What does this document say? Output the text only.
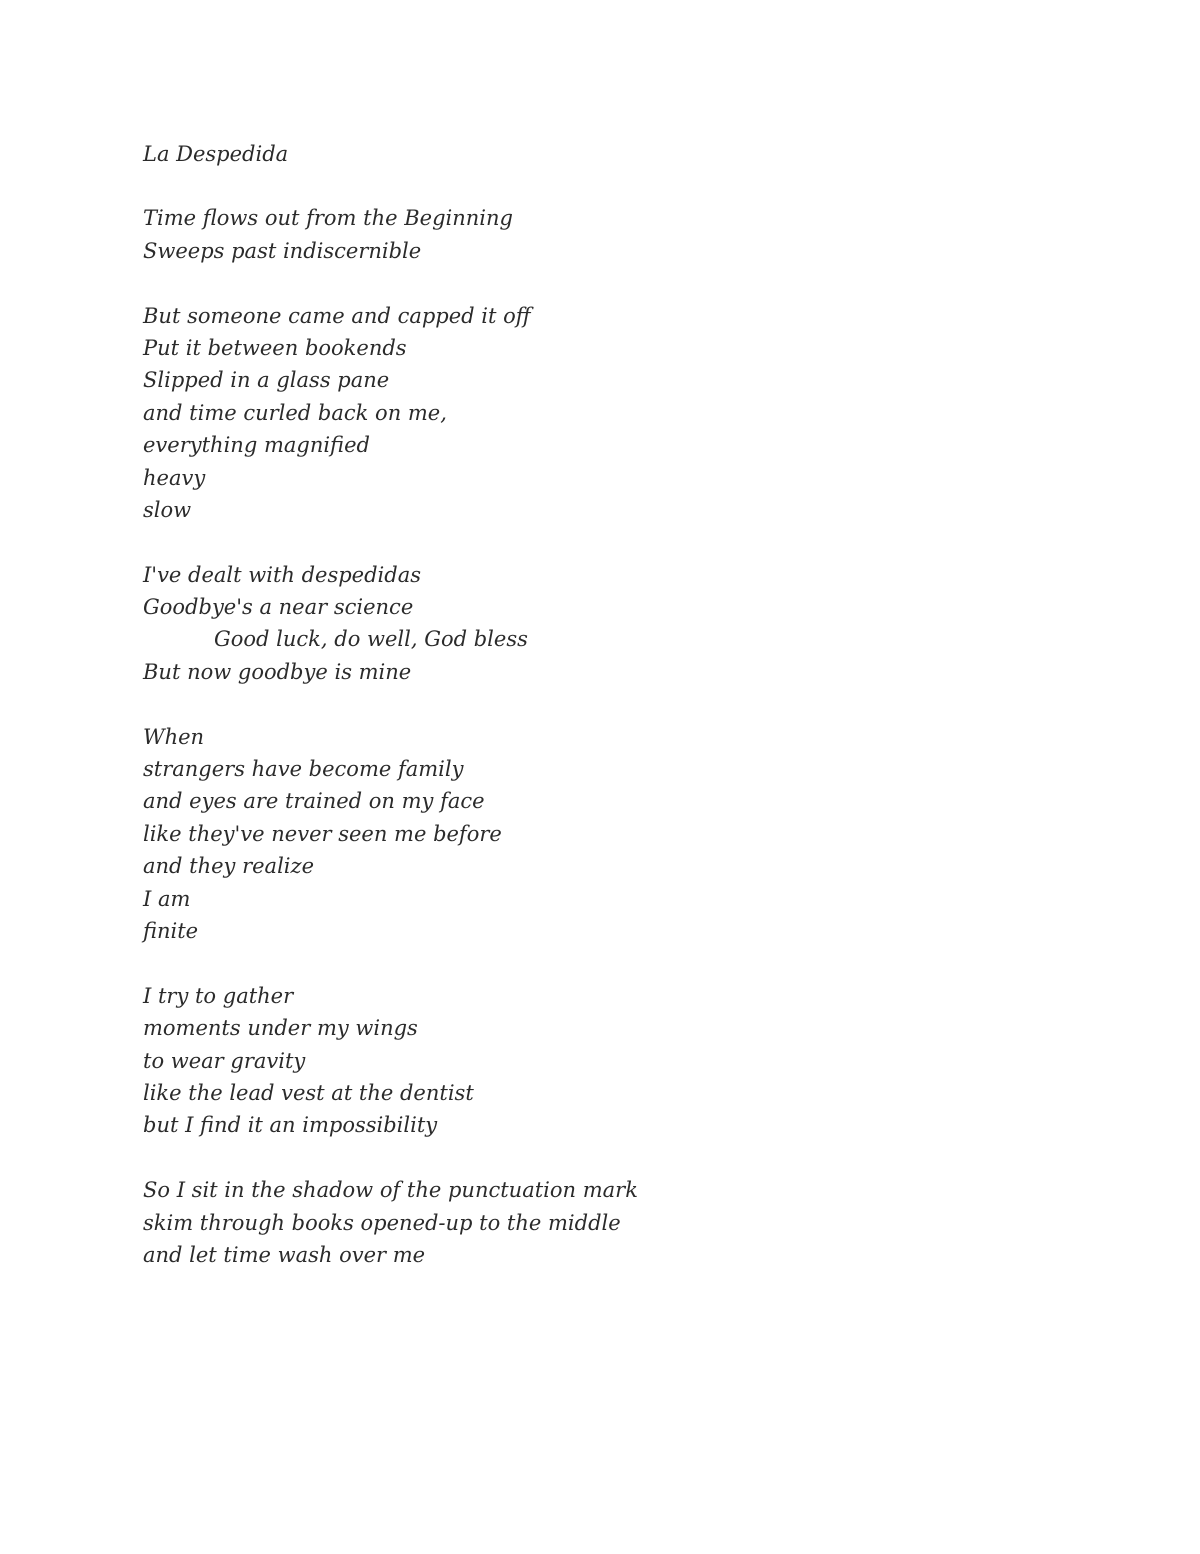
La Despedida
Time flows out from the Beginning
Sweeps past indiscernible
But someone came and capped it off
Put it between bookends
Slipped in a glass pane
and time curled back on me,
everything magnified
heavy
slow
I've dealt with despedidas
Goodbye's a near science
Good luck, do well, God bless
But now goodbye is mine
When
strangers have become family
and eyes are trained on my face
like they've never seen me before
and they realize
I am
finite
I try to gather
moments under my wings
to wear gravity
like the lead vest at the dentist
but I find it an impossibility
So I sit in the shadow of the punctuation mark
skim through books opened-up to the middle
and let time wash over me
